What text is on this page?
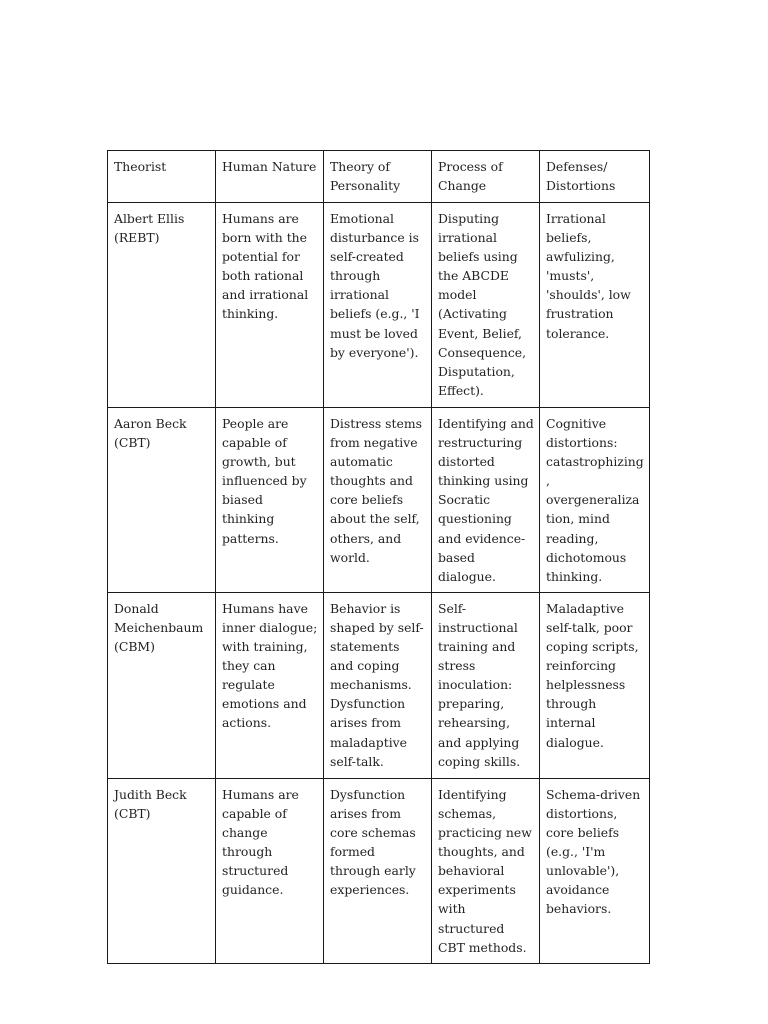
Theorist	Human Nature	Theory of Personality	Process of Change	Defenses/ Distortions
Albert Ellis (REBT)	Humans are born with the potential for both rational and irrational thinking.	Emotional disturbance is self-created through irrational beliefs (e.g., 'I must be loved by everyone').	Disputing irrational beliefs using the ABCDE model (Activating Event, Belief, Consequence, Disputation, Effect).	Irrational beliefs, awfulizing, 'musts', 'shoulds', low frustration tolerance.
Aaron Beck (CBT)	People are capable of growth, but influenced by biased thinking patterns.	Distress stems from negative automatic thoughts and core beliefs about the self, others, and world.	Identifying and restructuring distorted thinking using Socratic questioning and evidence-based dialogue.	Cognitive distortions: catastrophizing, overgeneralization, mind reading, dichotomous thinking.
Donald Meichenbaum (CBM)	Humans have inner dialogue; with training, they can regulate emotions and actions.	Behavior is shaped by self-statements and coping mechanisms. Dysfunction arises from maladaptive self-talk.	Self-instructional training and stress inoculation: preparing, rehearsing, and applying coping skills.	Maladaptive self-talk, poor coping scripts, reinforcing helplessness through internal dialogue.
Judith Beck (CBT)	Humans are capable of change through structured guidance.	Dysfunction arises from core schemas formed through early experiences.	Identifying schemas, practicing new thoughts, and behavioral experiments with structured CBT methods.	Schema-driven distortions, core beliefs (e.g., 'I'm unlovable'), avoidance behaviors.
